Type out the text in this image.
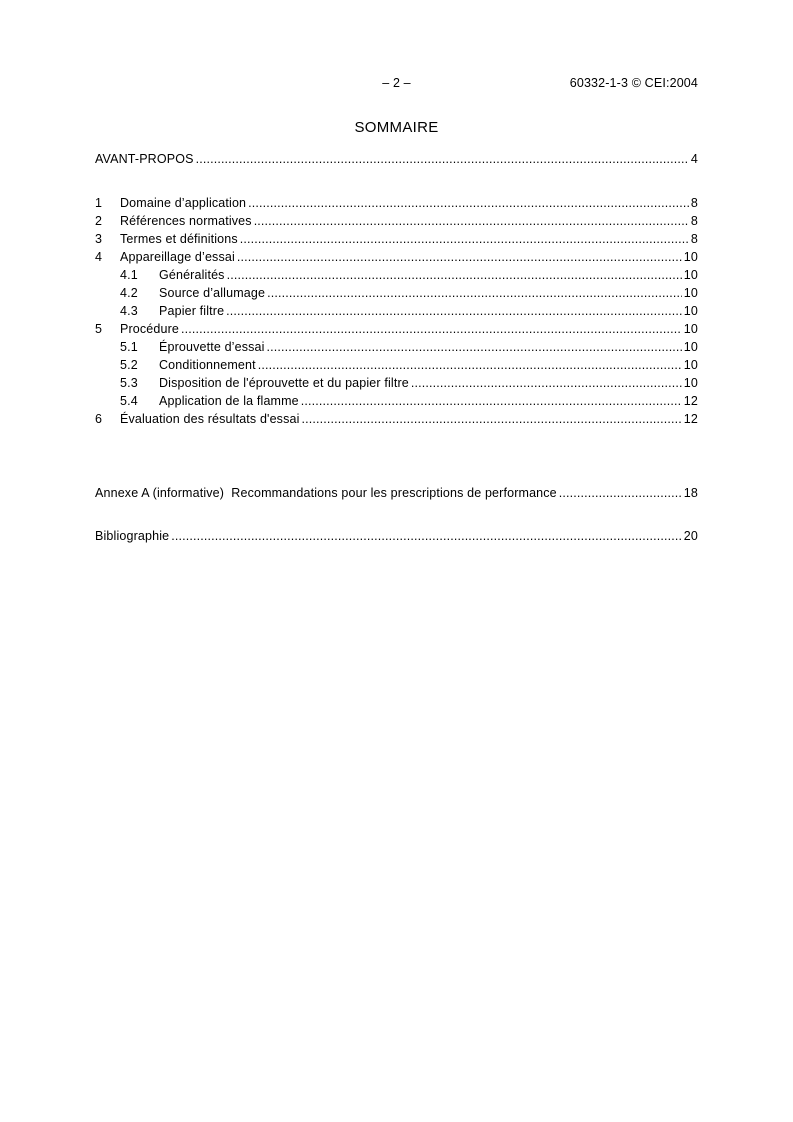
– 2 –	60332-1-3 © CEI:2004
SOMMAIRE
AVANT-PROPOS .....	4
1	Domaine d’application .....	8
2	Références normatives .....	8
3	Termes et définitions .....	8
4	Appareillage d’essai .....	10
4.1	Généralités .....	10
4.2	Source d’allumage .....	10
4.3	Papier filtre .....	10
5	Procédure .....	10
5.1	Éprouvette d’essai .....	10
5.2	Conditionnement .....	10
5.3	Disposition de l'éprouvette et du papier filtre .....	10
5.4	Application de la flamme .....	12
6	Évaluation des résultats d'essai .....	12
Annexe A (informative)  Recommandations pour les prescriptions de performance .....	18
Bibliographie .....	20
